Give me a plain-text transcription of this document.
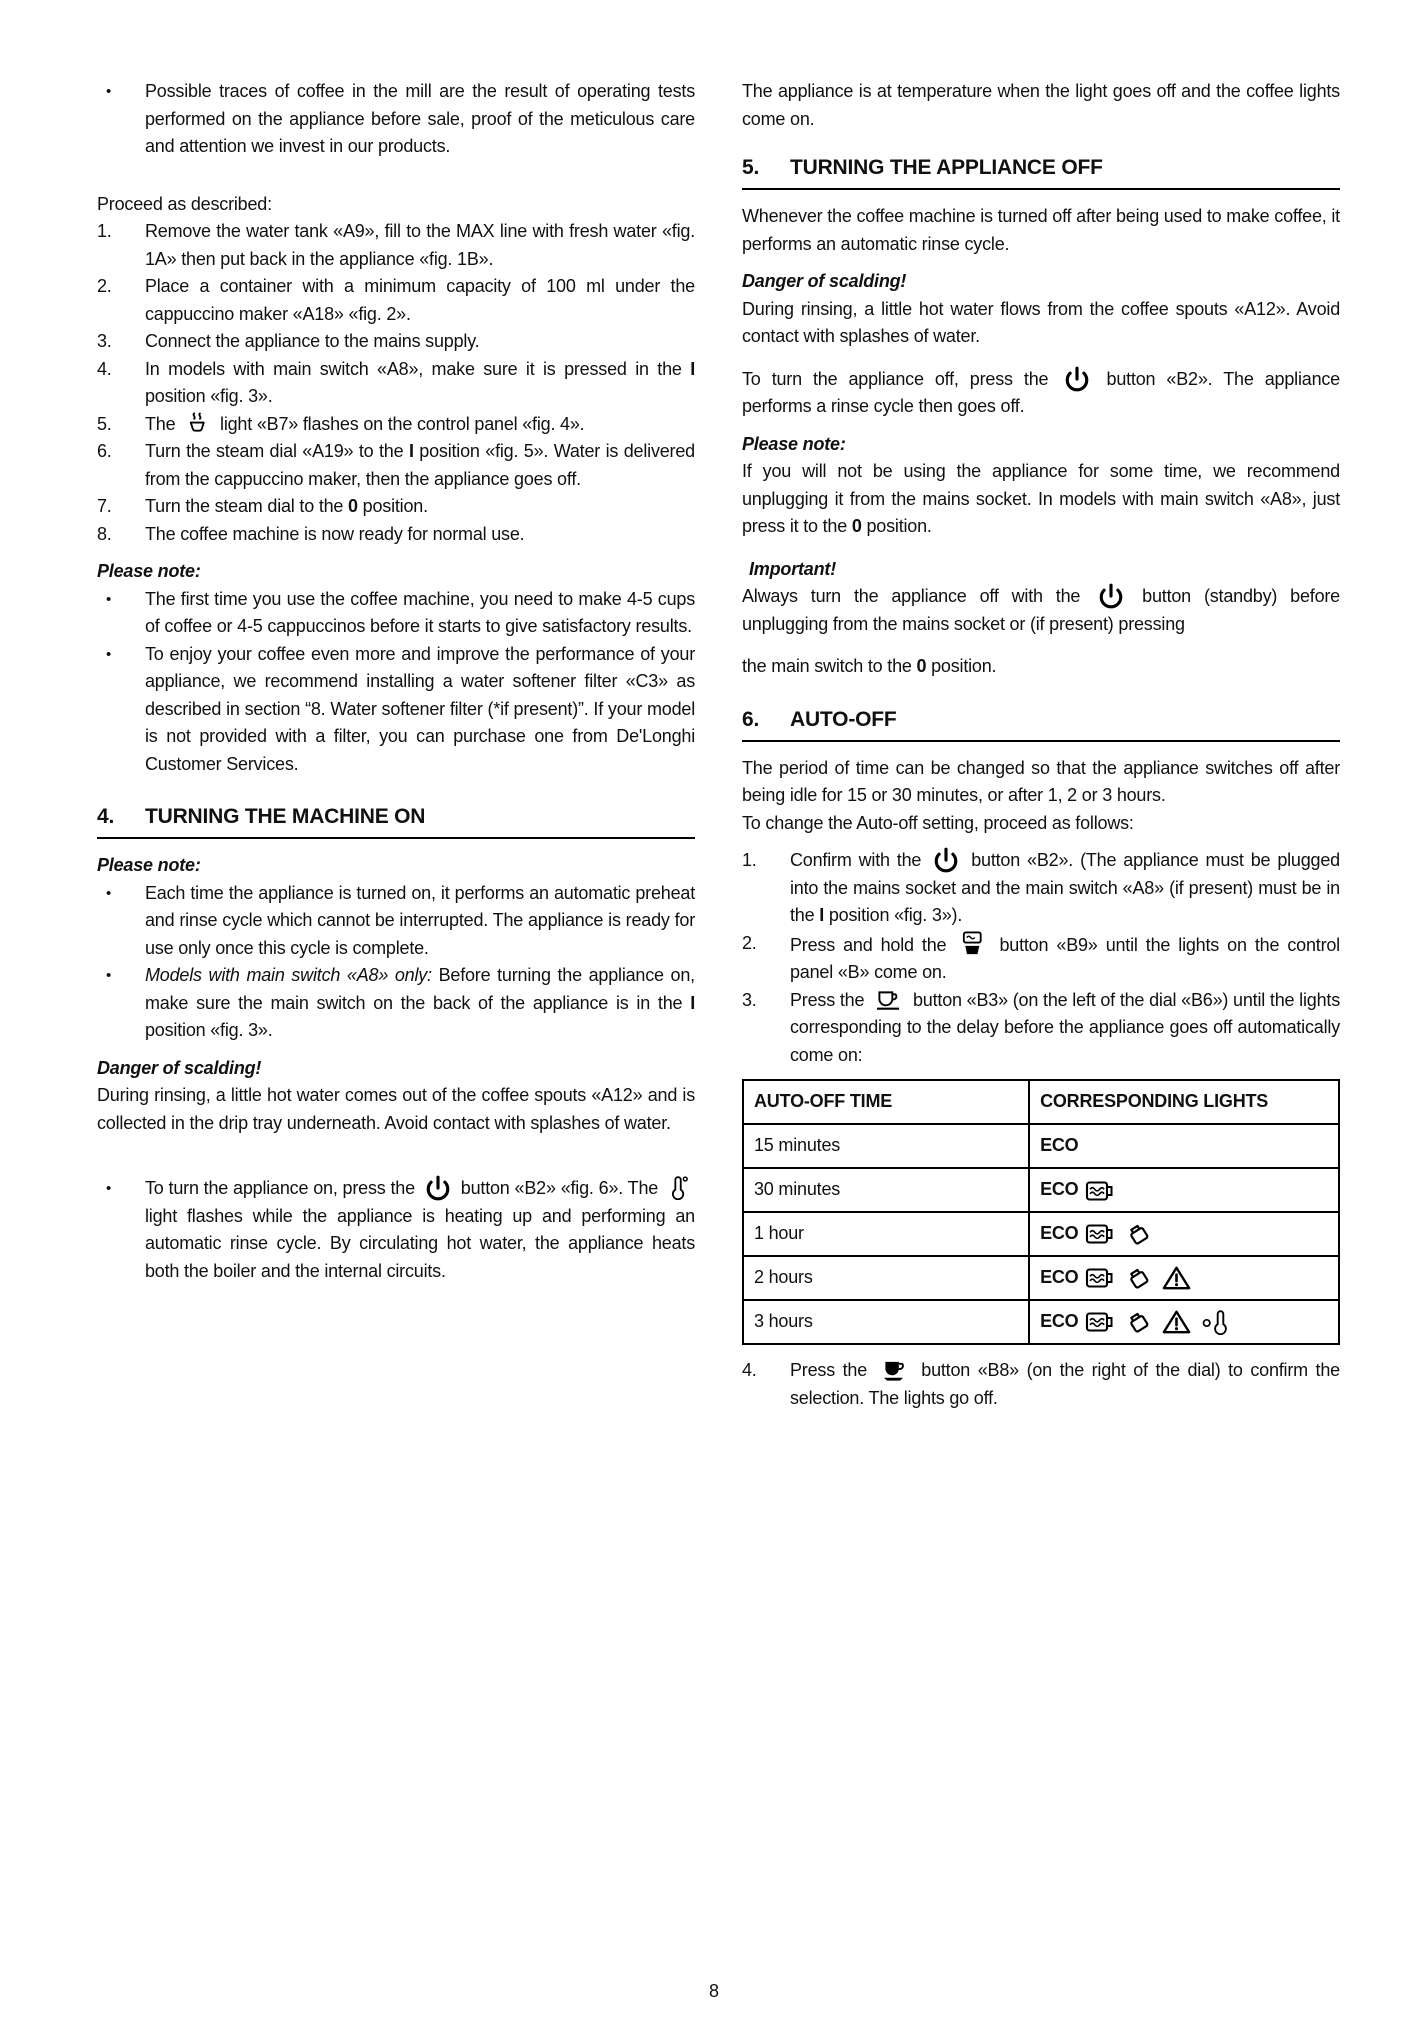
•	Possible traces of coffee in the mill are the result of operating tests performed on the appliance before sale, proof of the meticulous care and attention we invest in our products.

Proceed as described:

1.	Remove the water tank «A9», fill to the MAX line with fresh water «fig. 1A» then put back in the appliance «fig. 1B».

2.	Place a container with a minimum capacity of 100 ml under the cappuccino maker «A18» «fig. 2».

3.	Connect the appliance to the mains supply.

4.	In models with main switch «A8», make sure it is pressed in the I position «fig. 3».

5.	The  light «B7» flashes on the control panel «fig. 4».

6.	Turn the steam dial «A19» to the I position «fig. 5». Water is delivered from the cappuccino maker, then the appliance goes off.

7.	Turn the steam dial to the 0 position.

8.	The coffee machine is now ready for normal use.

Please note:

•	The first time you use the coffee machine, you need to make 4-5 cups of coffee or 4-5 cappuccinos before it starts to give satisfactory results.

•	To enjoy your coffee even more and improve the performance of your appliance, we recommend installing a water softener filter «C3» as described in section “8. Water softener filter (*if present)”. If your model is not provided with a filter, you can purchase one from De'Longhi Customer Services.

4.	TURNING THE MACHINE ON

Please note:

•	Each time the appliance is turned on, it performs an automatic preheat and rinse cycle which cannot be interrupted. The appliance is ready for use only once this cycle is complete.

•	Models with main switch «A8» only: Before turning the appliance on, make sure the main switch on the back of the appliance is in the I position «fig. 3».

Danger of scalding!

During rinsing, a little hot water comes out of the coffee spouts «A12» and is collected in the drip tray underneath. Avoid contact with splashes of water.

•	To turn the appliance on, press the  button «B2» «fig. 6». The  light flashes while the appliance is heating up and performing an automatic rinse cycle. By circulating hot water, the appliance heats both the boiler and the internal circuits.

The appliance is at temperature when the light goes off and the coffee lights come on.

5.	TURNING THE APPLIANCE OFF

Whenever the coffee machine is turned off after being used to make coffee, it performs an automatic rinse cycle.

Danger of scalding!

During rinsing, a little hot water flows from the coffee spouts «A12». Avoid contact with splashes of water.

To turn the appliance off, press the  button «B2». The appliance performs a rinse cycle then goes off.

Please note:

If you will not be using the appliance for some time, we recommend unplugging it from the mains socket. In models with main switch «A8», just press it to the 0 position.

Important!

Always turn the appliance off with the  button (standby) before unplugging from the mains socket or (if present) pressing

the main switch to the 0 position.

6.	AUTO-OFF

The period of time can be changed so that the appliance switches off after being idle for 15 or 30 minutes, or after 1, 2 or 3 hours.

To change the Auto-off setting, proceed as follows:

1.	Confirm with the  button «B2». (The appliance must be plugged into the mains socket and the main switch «A8» (if present) must be in the I position «fig. 3»).

2.	Press and hold the  button «B9» until the lights on the control panel «B» come on.

3.	Press the  button «B3» (on the left of the dial «B6») until the lights corresponding to the delay before the appliance goes off automatically come on:

AUTO-OFF TIME	CORRESPONDING LIGHTS
15 minutes	ECO
30 minutes	ECO
1 hour	ECO
2 hours	ECO
3 hours	ECO
4.	Press the  button «B8» (on the right of the dial) to confirm the selection. The lights go off.

8
